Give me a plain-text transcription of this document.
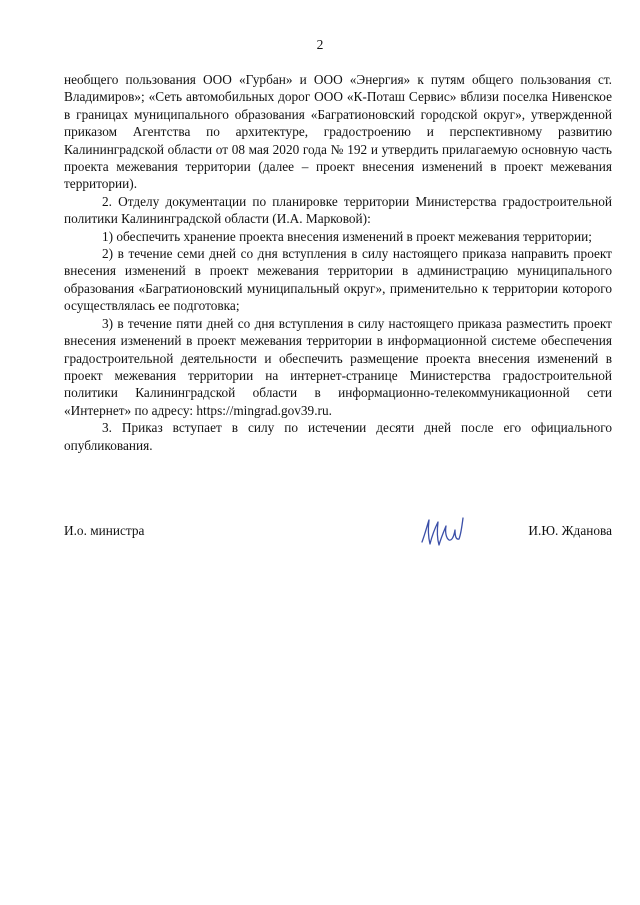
2

необщего пользования ООО «Гурбан» и ООО «Энергия» к путям общего пользования ст. Владимиров»; «Сеть автомобильных дорог ООО «К-Поташ Сервис» вблизи поселка Нивенское в границах муниципального образования «Багратионовский городской округ», утвержденной приказом Агентства по архитектуре, градостроению и перспективному развитию Калининградской области от 08 мая 2020 года № 192 и утвердить прилагаемую основную часть проекта межевания территории (далее – проект внесения изменений в проект межевания территории).

2. Отделу документации по планировке территории Министерства градостроительной политики Калининградской области (И.А. Марковой):

1) обеспечить хранение проекта внесения изменений в проект межевания территории;

2) в течение семи дней со дня вступления в силу настоящего приказа направить проект внесения изменений в проект межевания территории в администрацию муниципального образования «Багратионовский муниципальный округ», применительно к территории которого осуществлялась ее подготовка;

3) в течение пяти дней со дня вступления в силу настоящего приказа разместить проект внесения изменений в проект межевания территории в информационной системе обеспечения градостроительной деятельности и обеспечить размещение проекта внесения изменений в проект межевания территории на интернет-странице Министерства градостроительной политики Калининградской области в информационно-телекоммуникационной сети «Интернет» по адресу: https://mingrad.gov39.ru.

3. Приказ вступает в силу по истечении десяти дней после его официального опубликования.

И.о. министра	И.Ю. Жданова
